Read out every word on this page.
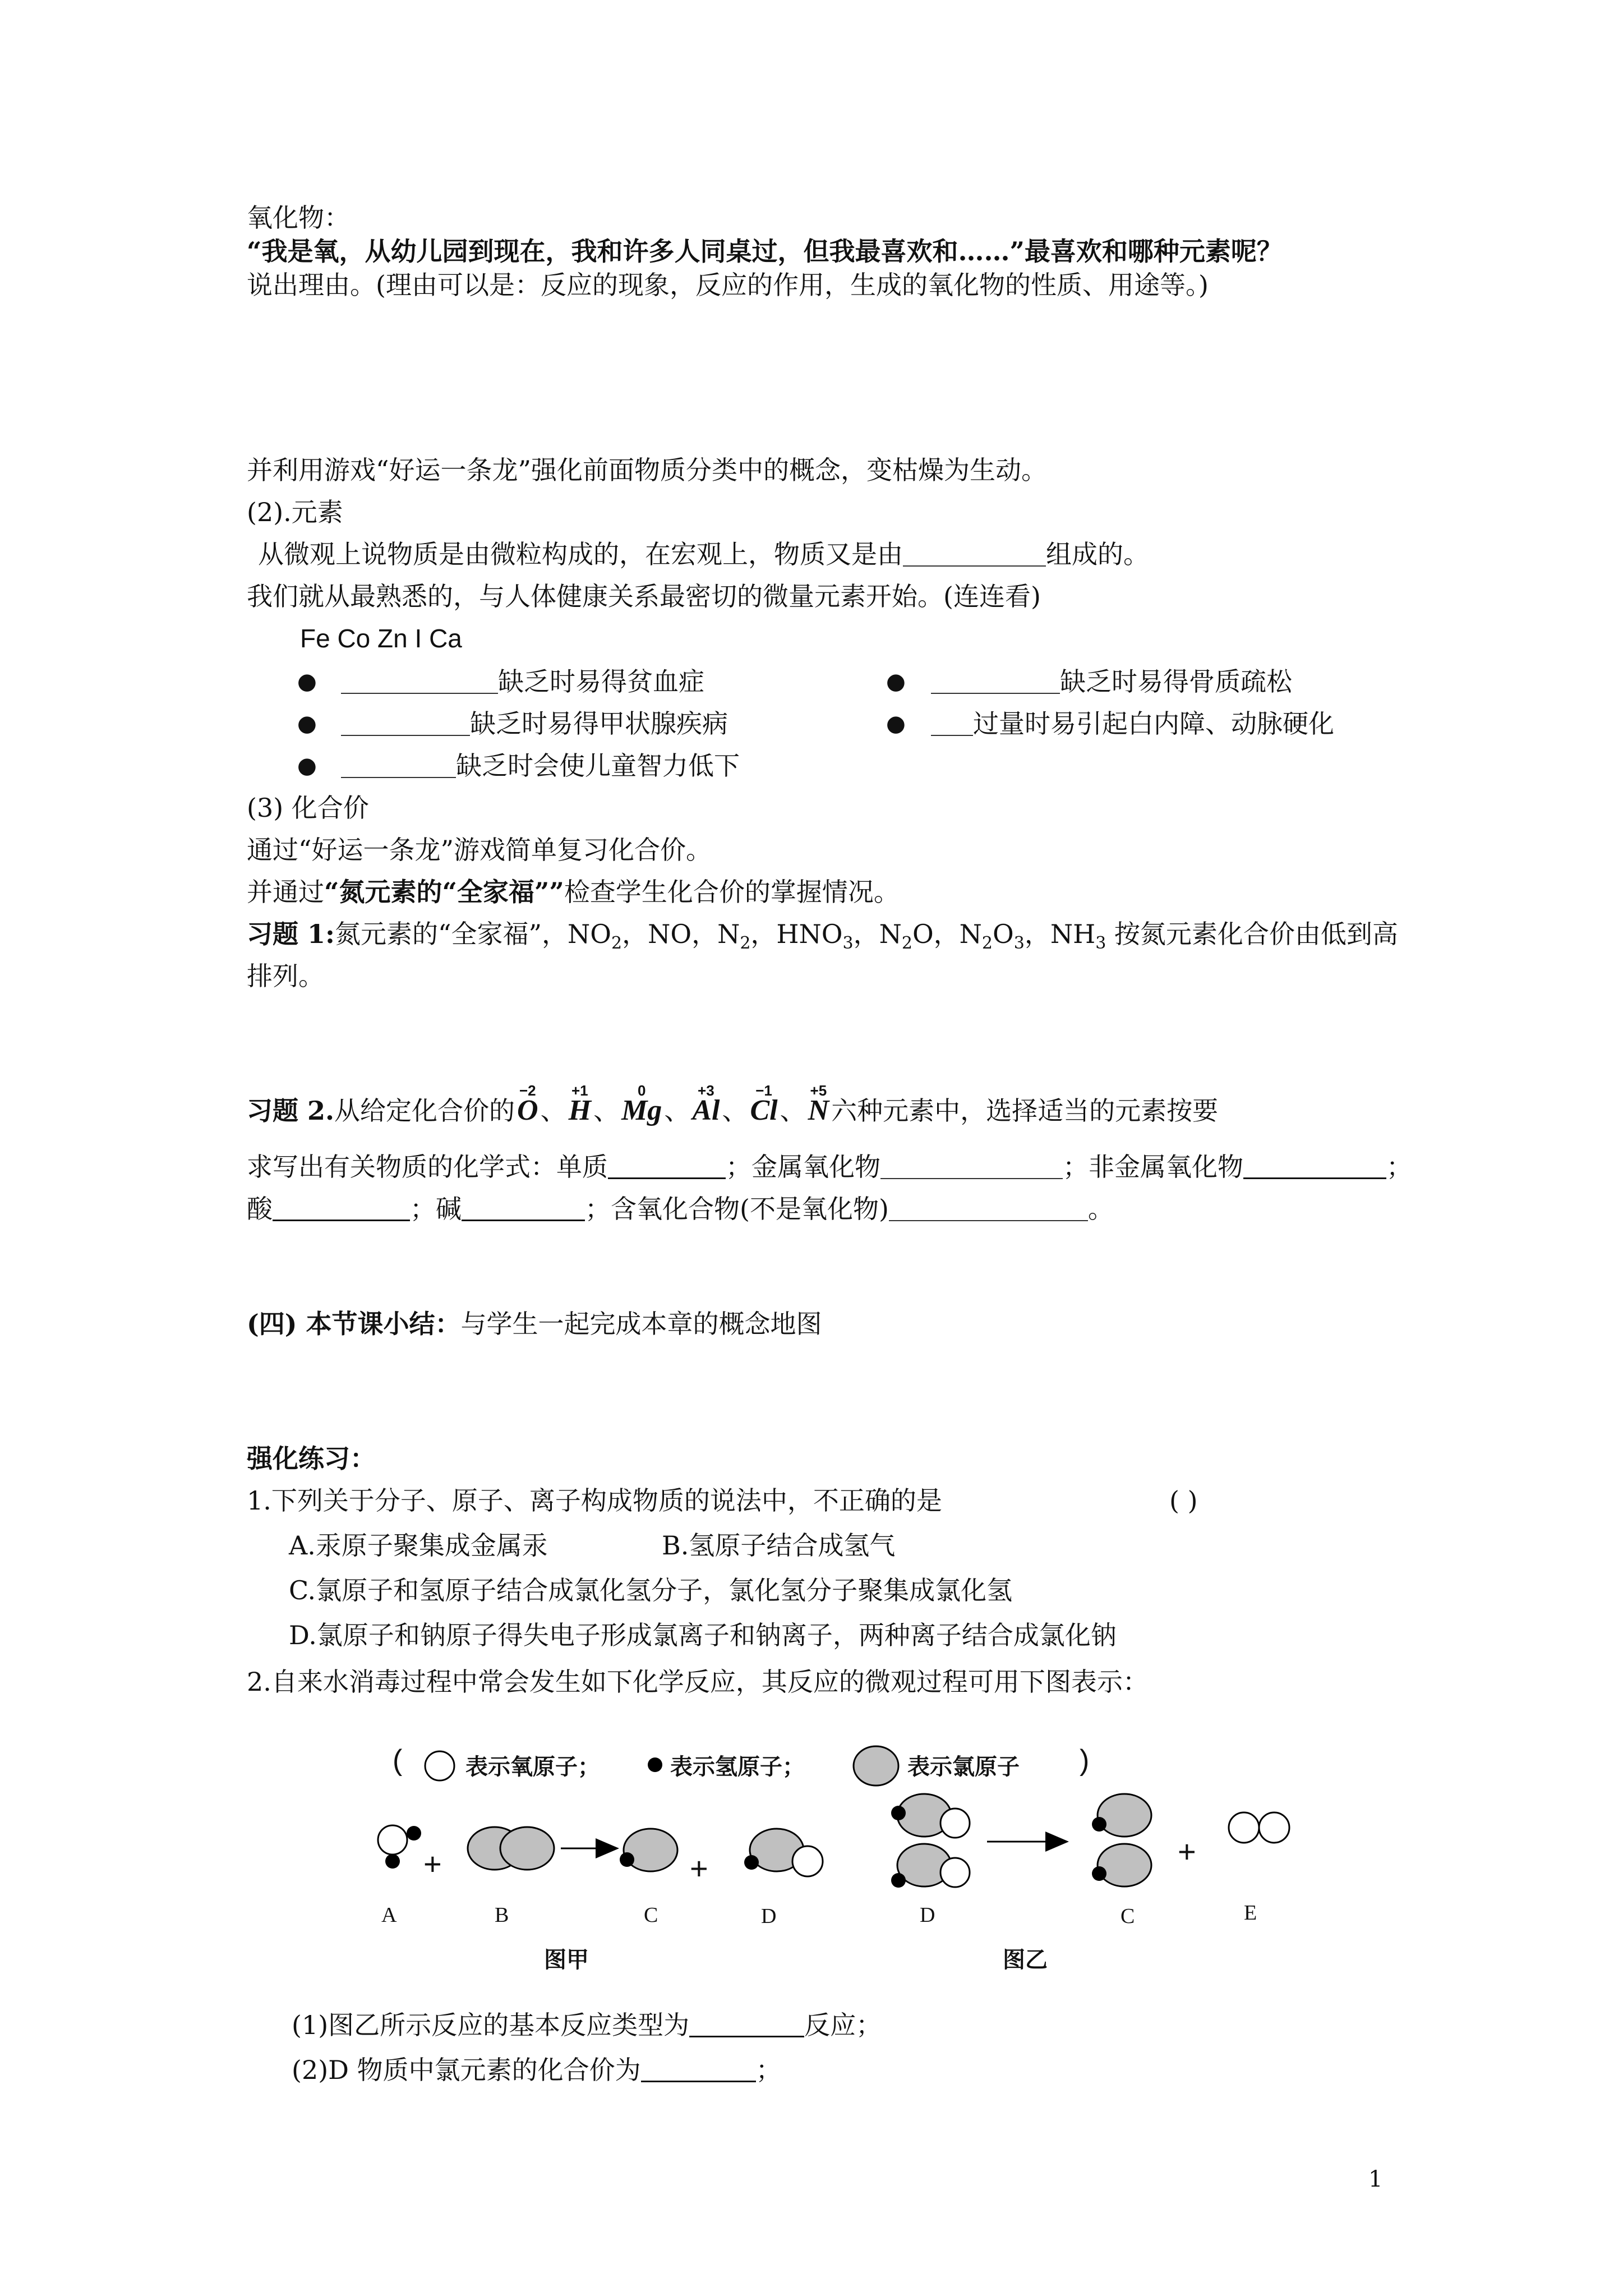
氧化物：
“我是氧，从幼儿园到现在，我和许多人同桌过，但我最喜欢和……”最喜欢和哪种元素呢？
说出理由。(理由可以是：反应的现象，反应的作用，生成的氧化物的性质、用途等。)
并利用游戏“好运一条龙”强化前面物质分类中的概念，变枯燥为生动。
(2).元素
从微观上说物质是由微粒构成的，在宏观上，物质又是由	组成的。
我们就从最熟悉的，与人体健康关系最密切的微量元素开始。(连连看)
Fe Co Zn I Ca
●	缺乏时易得贫血症	●	缺乏时易得骨质疏松
●	缺乏时易得甲状腺疾病	●	过量时易引起白内障、动脉硬化
●	缺乏时会使儿童智力低下
(3) 化合价
通过“好运一条龙”游戏简单复习化合价。
并通过“氮元素的“全家福””检查学生化合价的掌握情况。
习题 1:氮元素的“全家福”，$NO_2$，NO，$N_2$，$HNO_3$，$N_2O$，$N_2O_3$，$NH_3$ 按氮元素化合价由低到高
排列。
习题 2.从给定化合价的
−2
O、
+1
H、
0
Mg、
+3
Al、
−1
Cl、
+5
N六种元素中，选择适当的元素按要
求写出有关物质的化学式：单质	；金属氧化物	；非金属氧化物	；
酸	；碱	；含氧化合物(不是氧化物)	。
(四) 本节课小结：与学生一起完成本章的概念地图
强化练习：
1.下列关于分子、原子、离子构成物质的说法中，不正确的是	( )
A.汞原子聚集成金属汞	B.氢原子结合成氢气
C.氯原子和氢原子结合成氯化氢分子，氯化氢分子聚集成氯化氢
D.氯原子和钠原子得失电子形成氯离子和钠离子，两种离子结合成氯化钠
2.自来水消毒过程中常会发生如下化学反应，其反应的微观过程可用下图表示：
(	表示氧原子；	表示氢原子；	表示氯原子 )
+	+	+
A	B	C	D	D	C	E
图甲	图乙
(1)图乙所示反应的基本反应类型为	反应；
(2)D 物质中氯元素的化合价为	；
1
